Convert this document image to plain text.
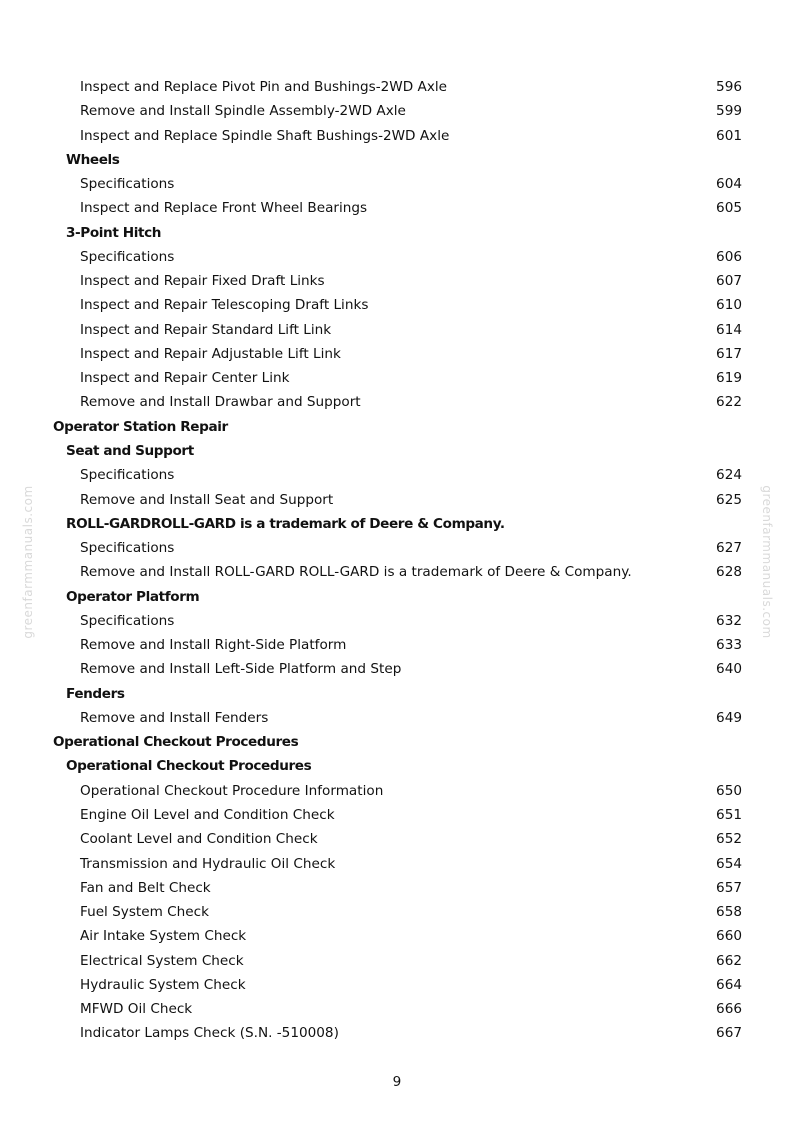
greenfarmmanuals.com	greenfarmmanuals.com
Inspect and Replace Pivot Pin and Bushings-2WD Axle	596
Remove and Install Spindle Assembly-2WD Axle	599
Inspect and Replace Spindle Shaft Bushings-2WD Axle	601
Wheels
Specifications	604
Inspect and Replace Front Wheel Bearings	605
3-Point Hitch
Specifications	606
Inspect and Repair Fixed Draft Links	607
Inspect and Repair Telescoping Draft Links	610
Inspect and Repair Standard Lift Link	614
Inspect and Repair Adjustable Lift Link	617
Inspect and Repair Center Link	619
Remove and Install Drawbar and Support	622
Operator Station Repair
Seat and Support
Specifications	624
Remove and Install Seat and Support	625
ROLL-GARDROLL-GARD is a trademark of Deere & Company.
Specifications	627
Remove and Install ROLL-GARD ROLL-GARD is a trademark of Deere & Company.	628
Operator Platform
Specifications	632
Remove and Install Right-Side Platform	633
Remove and Install Left-Side Platform and Step	640
Fenders
Remove and Install Fenders	649
Operational Checkout Procedures
Operational Checkout Procedures
Operational Checkout Procedure Information	650
Engine Oil Level and Condition Check	651
Coolant Level and Condition Check	652
Transmission and Hydraulic Oil Check	654
Fan and Belt Check	657
Fuel System Check	658
Air Intake System Check	660
Electrical System Check	662
Hydraulic System Check	664
MFWD Oil Check	666
Indicator Lamps Check (S.N. -510008)	667
9
